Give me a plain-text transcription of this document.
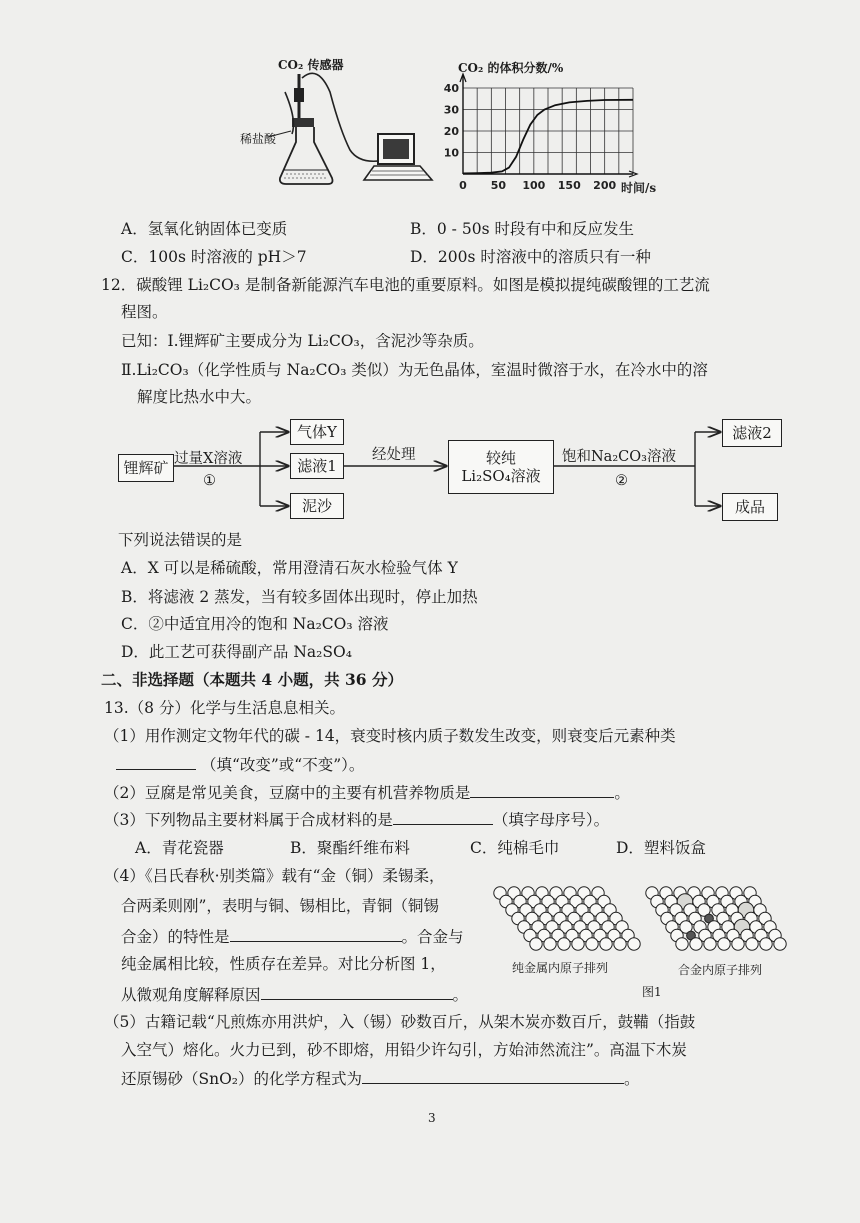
CO₂ 传感器
稀盐酸
CO₂ 的体积分数/%
0 50 100 150 200
10
20
30
40
时间/s
A．氢氧化钠固体已变质	B．0 - 50s 时段有中和反应发生
C．100s 时溶液的 pH＞7	D．200s 时溶液中的溶质只有一种
12．碳酸锂 Li₂CO₃ 是制备新能源汽车电池的重要原料。如图是模拟提纯碳酸锂的工艺流
程图。
已知：Ⅰ.锂辉矿主要成分为 Li₂CO₃，含泥沙等杂质。
Ⅱ.Li₂CO₃（化学性质与 Na₂CO₃ 类似）为无色晶体，室温时微溶于水，在冷水中的溶
解度比热水中大。
锂辉矿 过量X溶液
①
气体Y
滤液1
泥沙
经处理	较纯
Li₂SO₄溶液
饱和Na₂CO₃溶液
②
滤液2
成品
下列说法错误的是
A．X 可以是稀硫酸，常用澄清石灰水检验气体 Y
B．将滤液 2 蒸发，当有较多固体出现时，停止加热
C．②中适宜用冷的饱和 Na₂CO₃ 溶液
D．此工艺可获得副产品 Na₂SO₄
二、非选择题（本题共 4 小题，共 36 分）
13.（8 分）化学与生活息息相关。
（1）用作测定文物年代的碳 - 14，衰变时核内质子数发生改变，则衰变后元素种类
（填“改变”或“不变”）。
（2）豆腐是常见美食，豆腐中的主要有机营养物质是	。
（3）下列物品主要材料属于合成材料的是	（填字母序号）。
A．青花瓷器	B．聚酯纤维布料	C．纯棉毛巾	D．塑料饭盒
（4）《吕氏春秋·别类篇》载有“金（铜）柔锡柔，
合两柔则刚”，表明与铜、锡相比，青铜（铜锡
合金）的特性是	。合金与
纯金属相比较，性质存在差异。对比分析图 1，
从微观角度解释原因	。
纯金属内原子排列	合金内原子排列
图1
（5）古籍记载“凡煎炼亦用洪炉，入（锡）砂数百斤，从架木炭亦数百斤，鼓鞴（指鼓
入空气）熔化。火力已到，砂不即熔，用铅少许勾引，方始沛然流注”。高温下木炭
还原锡砂（SnO₂）的化学方程式为	。
3
